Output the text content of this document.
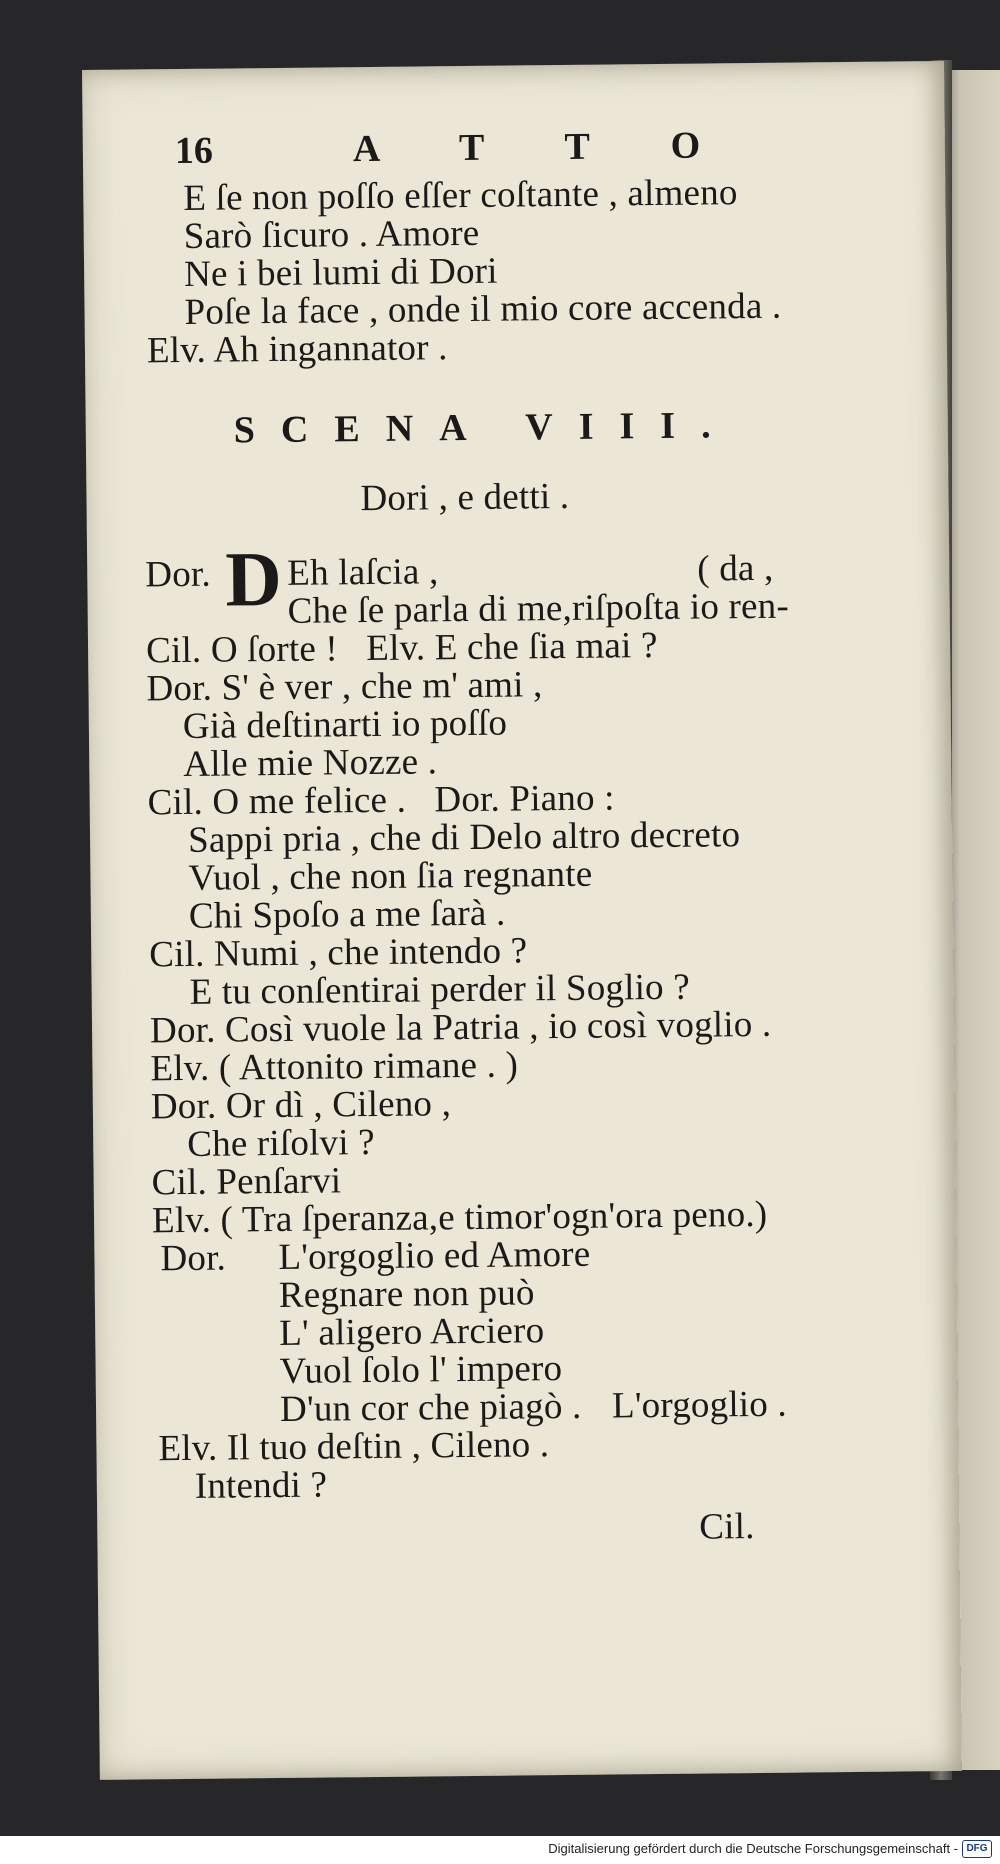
16	A T T O
E ſe non poſſo eſſer coſtante , almeno
Sarò ſicuro . Amore
Ne i bei lumi di Dori
Poſe la face , onde il mio core accenda .
Elv. Ah ingannator .
SCENA VIII.
Dori , e detti .
Dor. D Eh laſcia ,	( da ,
Che ſe parla di me,riſpoſta io ren-
Cil. O ſorte !   Elv. E che ſia mai ?
Dor. S' è ver , che m' ami ,
Già deſtinarti io poſſo
Alle mie Nozze .
Cil. O me felice .   Dor. Piano :
Sappi pria , che di Delo altro decreto
Vuol , che non ſia regnante
Chi Spoſo a me ſarà .
Cil. Numi , che intendo ?
E tu conſentirai perder il Soglio ?
Dor. Così vuole la Patria , io così voglio .
Elv. ( Attonito rimane . )
Dor. Or dì , Cileno ,
Che riſolvi ?
Cil. Penſarvi
Elv. ( Tra ſperanza,e timor'ogn'ora peno.)
Dor. L'orgoglio ed Amore
Regnare non può
L' aligero Arciero
Vuol ſolo l' impero
D'un cor che piagò . L'orgoglio .
Elv. Il tuo deſtin , Cileno .
Intendi ?
Cil.
Digitalisierung gefördert durch die Deutsche Forschungsgemeinschaft - DFG
